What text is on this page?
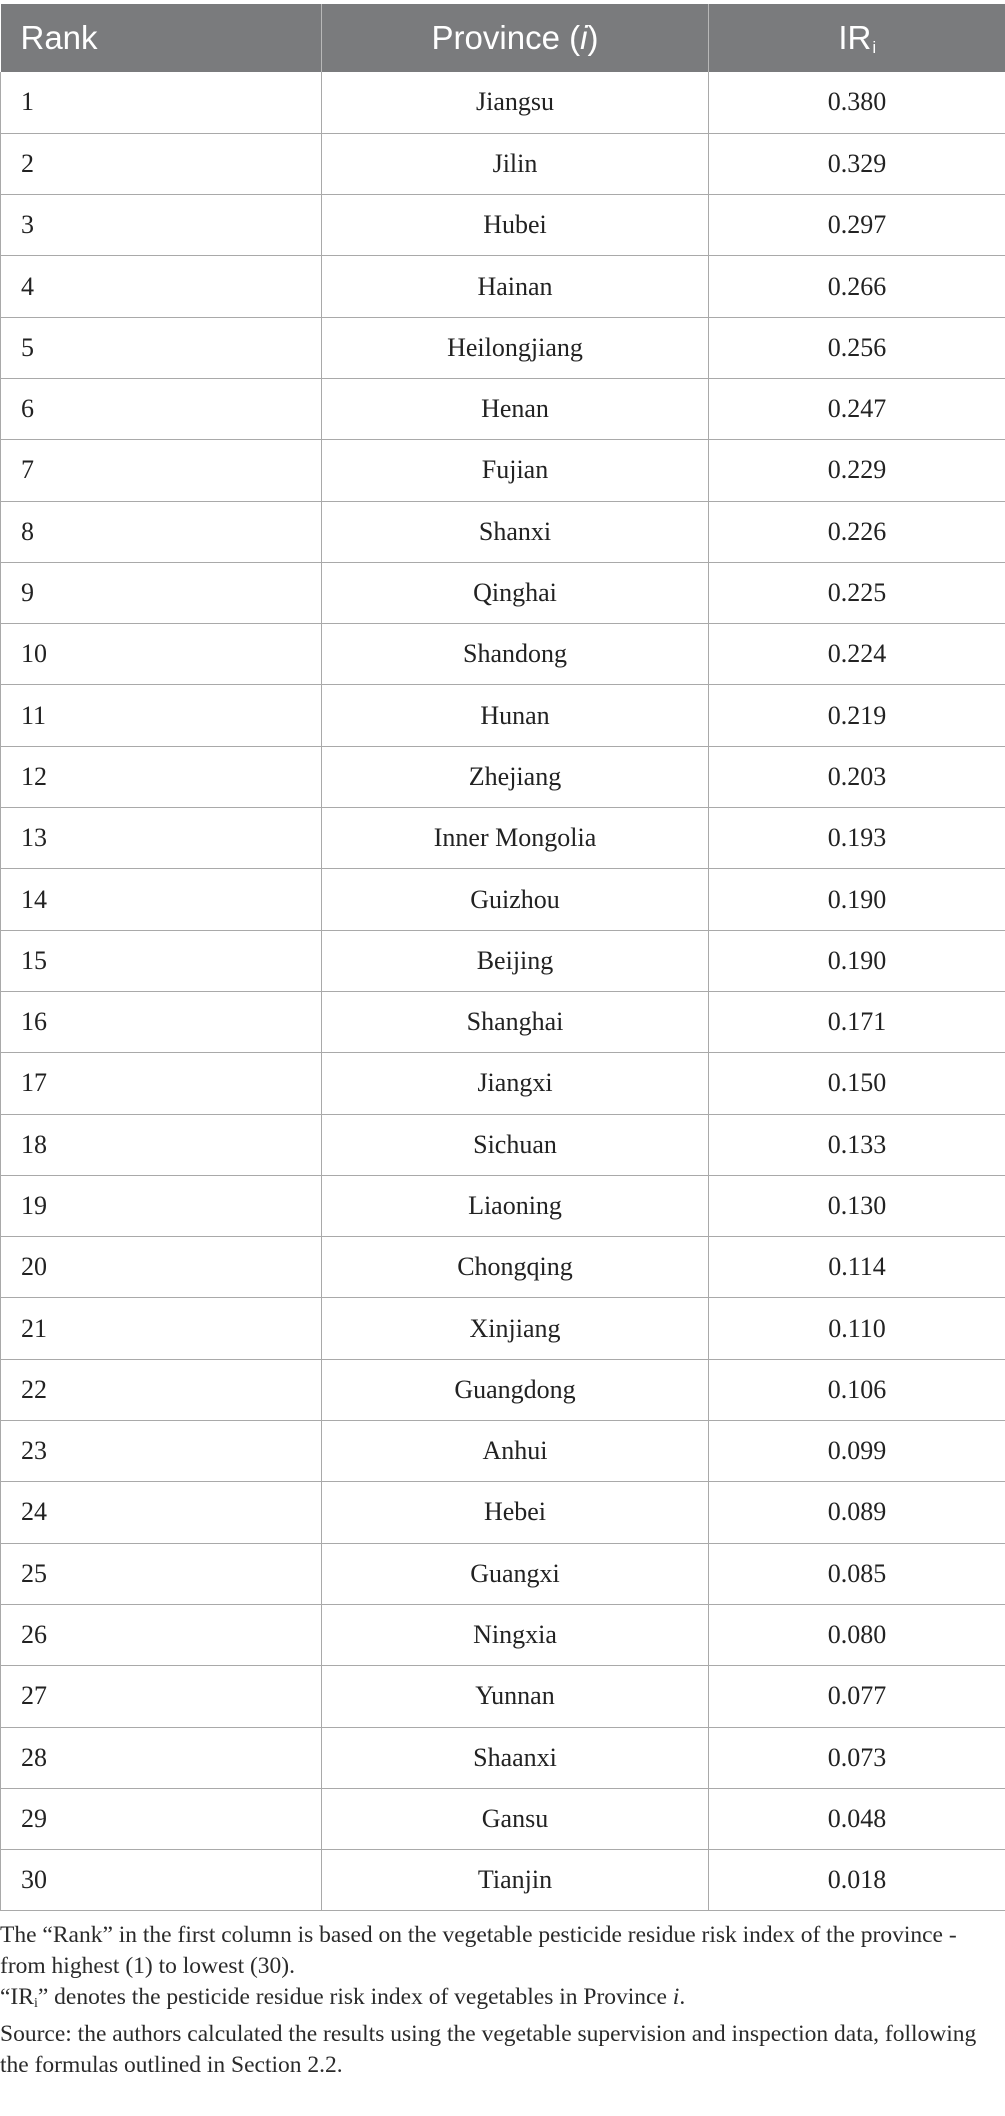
Rank	Province (i)	$IR_i$
1	Jiangsu	0.380
2	Jilin	0.329
3	Hubei	0.297
4	Hainan	0.266
5	Heilongjiang	0.256
6	Henan	0.247
7	Fujian	0.229
8	Shanxi	0.226
9	Qinghai	0.225
10	Shandong	0.224
11	Hunan	0.219
12	Zhejiang	0.203
13	Inner Mongolia	0.193
14	Guizhou	0.190
15	Beijing	0.190
16	Shanghai	0.171
17	Jiangxi	0.150
18	Sichuan	0.133
19	Liaoning	0.130
20	Chongqing	0.114
21	Xinjiang	0.110
22	Guangdong	0.106
23	Anhui	0.099
24	Hebei	0.089
25	Guangxi	0.085
26	Ningxia	0.080
27	Yunnan	0.077
28	Shaanxi	0.073
29	Gansu	0.048
30	Tianjin	0.018

The “Rank” in the first column is based on the vegetable pesticide residue risk index of the province - from highest (1) to lowest (30).

“IRi” denotes the pesticide residue risk index of vegetables in Province i.

Source: the authors calculated the results using the vegetable supervision and inspection data, following the formulas outlined in Section 2.2.
